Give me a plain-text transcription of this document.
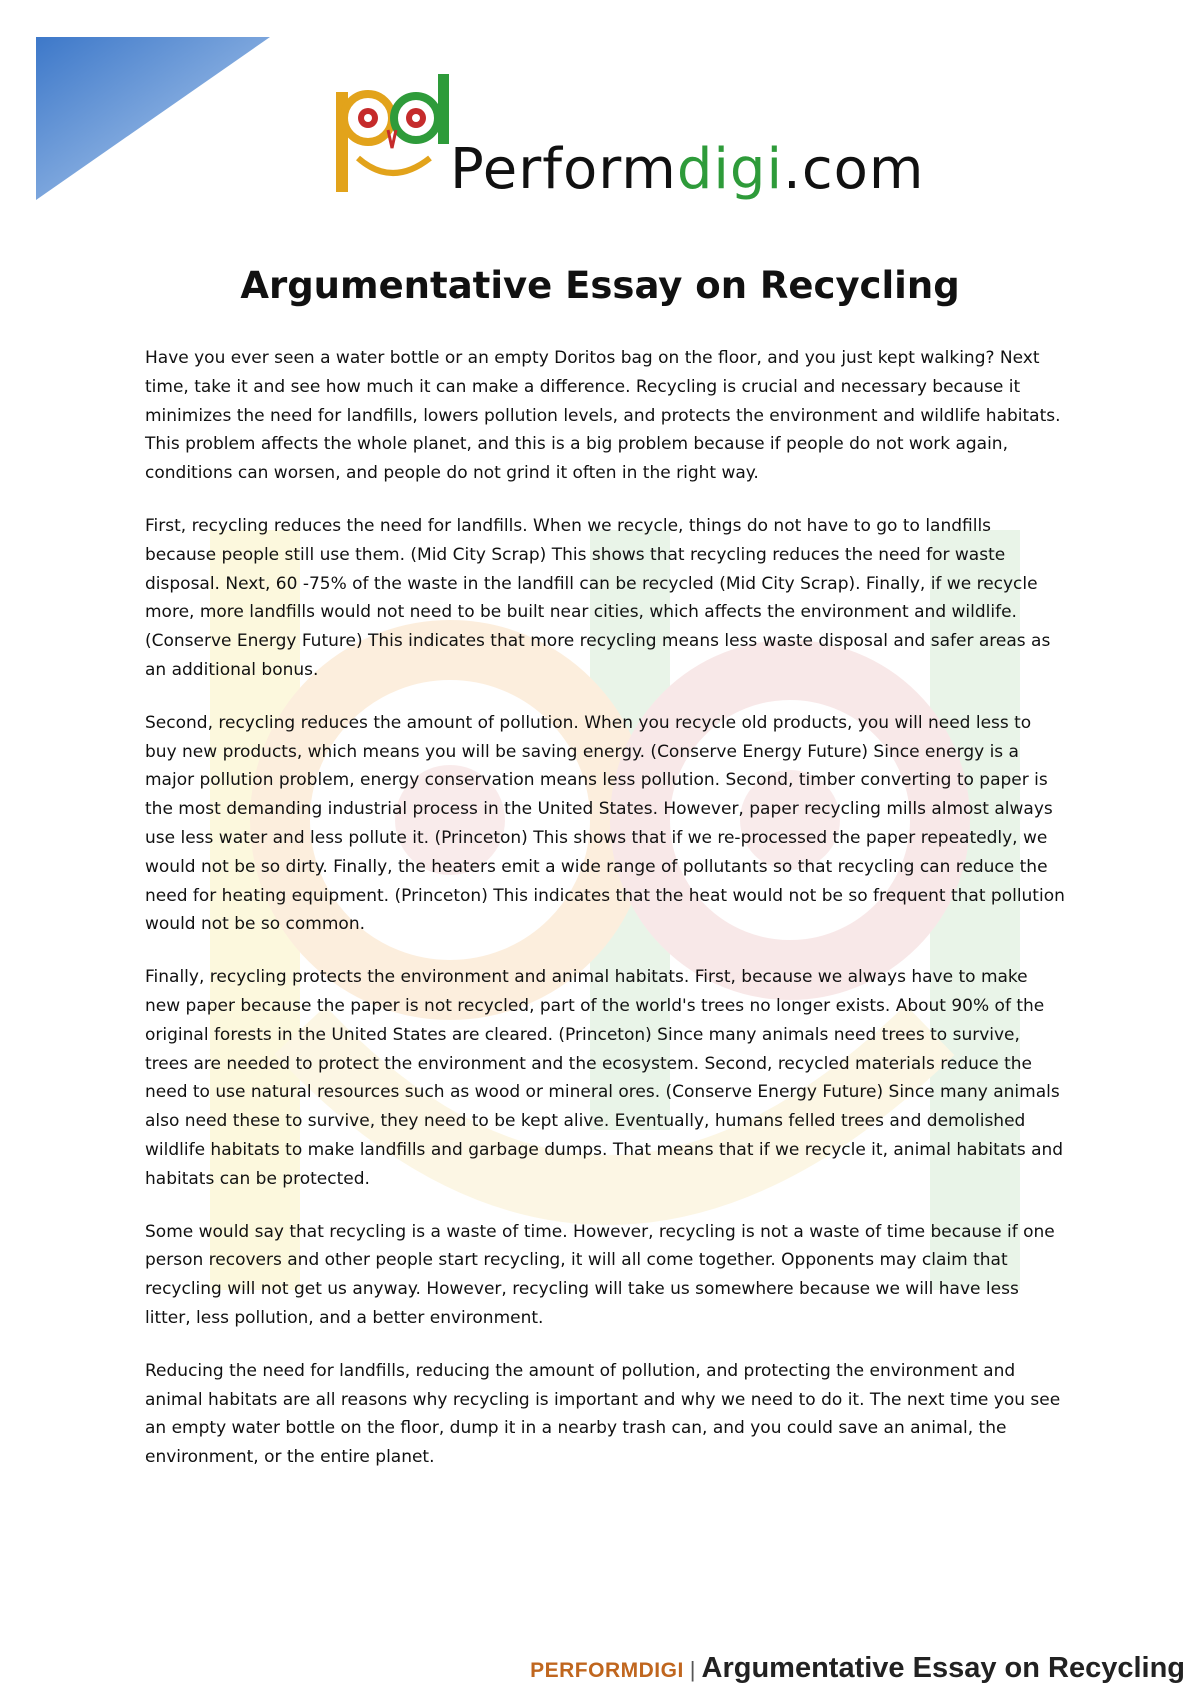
Performdigi.com
Argumentative Essay on Recycling

Have you ever seen a water bottle or an empty Doritos bag on the floor, and you just kept walking? Next time, take it and see how much it can make a difference. Recycling is crucial and necessary because it minimizes the need for landfills, lowers pollution levels, and protects the environment and wildlife habitats. This problem affects the whole planet, and this is a big problem because if people do not work again, conditions can worsen, and people do not grind it often in the right way.

First, recycling reduces the need for landfills. When we recycle, things do not have to go to landfills because people still use them. (Mid City Scrap) This shows that recycling reduces the need for waste disposal. Next, 60 -75% of the waste in the landfill can be recycled (Mid City Scrap). Finally, if we recycle more, more landfills would not need to be built near cities, which affects the environment and wildlife. (Conserve Energy Future) This indicates that more recycling means less waste disposal and safer areas as an additional bonus.

Second, recycling reduces the amount of pollution. When you recycle old products, you will need less to buy new products, which means you will be saving energy. (Conserve Energy Future) Since energy is a major pollution problem, energy conservation means less pollution. Second, timber converting to paper is the most demanding industrial process in the United States. However, paper recycling mills almost always use less water and less pollute it. (Princeton) This shows that if we re-processed the paper repeatedly, we would not be so dirty. Finally, the heaters emit a wide range of pollutants so that recycling can reduce the need for heating equipment. (Princeton) This indicates that the heat would not be so frequent that pollution would not be so common.

Finally, recycling protects the environment and animal habitats. First, because we always have to make new paper because the paper is not recycled, part of the world's trees no longer exists. About 90% of the original forests in the United States are cleared. (Princeton) Since many animals need trees to survive, trees are needed to protect the environment and the ecosystem. Second, recycled materials reduce the need to use natural resources such as wood or mineral ores. (Conserve Energy Future) Since many animals also need these to survive, they need to be kept alive. Eventually, humans felled trees and demolished wildlife habitats to make landfills and garbage dumps. That means that if we recycle it, animal habitats and habitats can be protected.

Some would say that recycling is a waste of time. However, recycling is not a waste of time because if one person recovers and other people start recycling, it will all come together. Opponents may claim that recycling will not get us anyway. However, recycling will take us somewhere because we will have less litter, less pollution, and a better environment.

Reducing the need for landfills, reducing the amount of pollution, and protecting the environment and animal habitats are all reasons why recycling is important and why we need to do it. The next time you see an empty water bottle on the floor, dump it in a nearby trash can, and you could save an animal, the environment, or the entire planet.

PERFORMDIGI | Argumentative Essay on Recycling
